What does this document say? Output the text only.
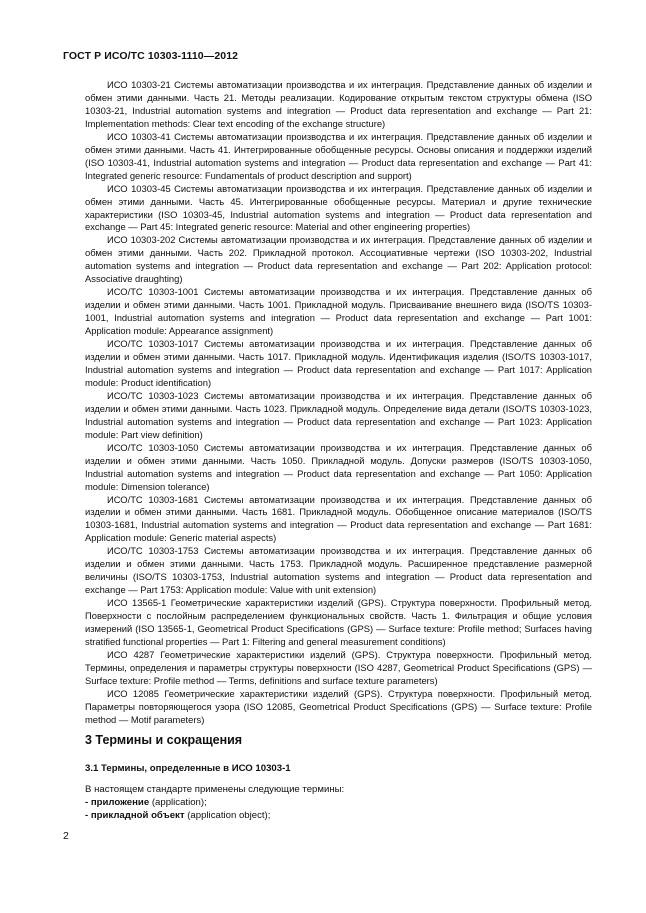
ГОСТ Р ИСО/ТС 10303-1110—2012

ИСО 10303-21 Системы автоматизации производства и их интеграция. Представление данных об изделии и обмен этими данными. Часть 21. Методы реализации. Кодирование открытым текстом структуры обмена (ISO 10303-21, Industrial automation systems and integration — Product data representation and exchange — Part 21: Implementation methods: Clear text encoding of the exchange structure)

ИСО 10303-41 Системы автоматизации производства и их интеграция. Представление данных об изделии и обмен этими данными. Часть 41. Интегрированные обобщенные ресурсы. Основы описания и поддержки изделий (ISO 10303-41, Industrial automation systems and integration — Product data representation and exchange — Part 41: Integrated generic resource: Fundamentals of product description and support)

ИСО 10303-45 Системы автоматизации производства и их интеграция. Представление данных об изделии и обмен этими данными. Часть 45. Интегрированные обобщенные ресурсы. Материал и другие технические характеристики (ISO 10303-45, Industrial automation systems and integration — Product data representation and exchange — Part 45: Integrated generic resource: Material and other engineering properties)

ИСО 10303-202 Системы автоматизации производства и их интеграция. Представление данных об изделии и обмен этими данными. Часть 202. Прикладной протокол. Ассоциативные чертежи (ISO 10303-202, Industrial automation systems and integration — Product data representation and exchange — Part 202: Application protocol: Associative draughting)

ИСО/ТС 10303-1001 Системы автоматизации производства и их интеграция. Представление данных об изделии и обмен этими данными. Часть 1001. Прикладной модуль. Присваивание внешнего вида (ISO/TS 10303-1001, Industrial automation systems and integration — Product data representation and exchange — Part 1001: Application module: Appearance assignment)

ИСО/ТС 10303-1017 Системы автоматизации производства и их интеграция. Представление данных об изделии и обмен этими данными. Часть 1017. Прикладной модуль. Идентификация изделия (ISO/TS 10303-1017, Industrial automation systems and integration — Product data representation and exchange — Part 1017: Application module: Product identification)

ИСО/ТС 10303-1023 Системы автоматизации производства и их интеграция. Представление данных об изделии и обмен этими данными. Часть 1023. Прикладной модуль. Определение вида детали (ISO/TS 10303-1023, Industrial automation systems and integration — Product data representation and exchange — Part 1023: Application module: Part view definition)

ИСО/ТС 10303-1050 Системы автоматизации производства и их интеграция. Представление данных об изделии и обмен этими данными. Часть 1050. Прикладной модуль. Допуски размеров (ISO/TS 10303-1050, Industrial automation systems and integration — Product data representation and exchange — Part 1050: Application module: Dimension tolerance)

ИСО/ТС 10303-1681 Системы автоматизации производства и их интеграция. Представление данных об изделии и обмен этими данными. Часть 1681. Прикладной модуль. Обобщенное описание материалов (ISO/TS 10303-1681, Industrial automation systems and integration — Product data representation and exchange — Part 1681: Application module: Generic material aspects)

ИСО/ТС 10303-1753 Системы автоматизации производства и их интеграция. Представление данных об изделии и обмен этими данными. Часть 1753. Прикладной модуль. Расширенное представление размерной величины (ISO/TS 10303-1753, Industrial automation systems and integration — Product data representation and exchange — Part 1753: Application module: Value with unit extension)

ИСО 13565-1 Геометрические характеристики изделий (GPS). Структура поверхности. Профильный метод. Поверхности с послойным распределением функциональных свойств. Часть 1. Фильтрация и общие условия измерений (ISO 13565-1, Geometrical Product Specifications (GPS) — Surface texture: Profile method; Surfaces having stratified functional properties — Part 1: Filtering and general measurement conditions)

ИСО 4287 Геометрические характеристики изделий (GPS). Структура поверхности. Профильный метод. Термины, определения и параметры структуры поверхности (ISO 4287, Geometrical Product Specifications (GPS) — Surface texture: Profile method — Terms, definitions and surface texture parameters)

ИСО 12085 Геометрические характеристики изделий (GPS). Структура поверхности. Профильный метод. Параметры повторяющегося узора (ISO 12085, Geometrical Product Specifications (GPS) — Surface texture: Profile method — Motif parameters)

3 Термины и сокращения
3.1 Термины, определенные в ИСО 10303-1

В настоящем стандарте применены следующие термины:

- приложение (application);

- прикладной объект (application object);

2
